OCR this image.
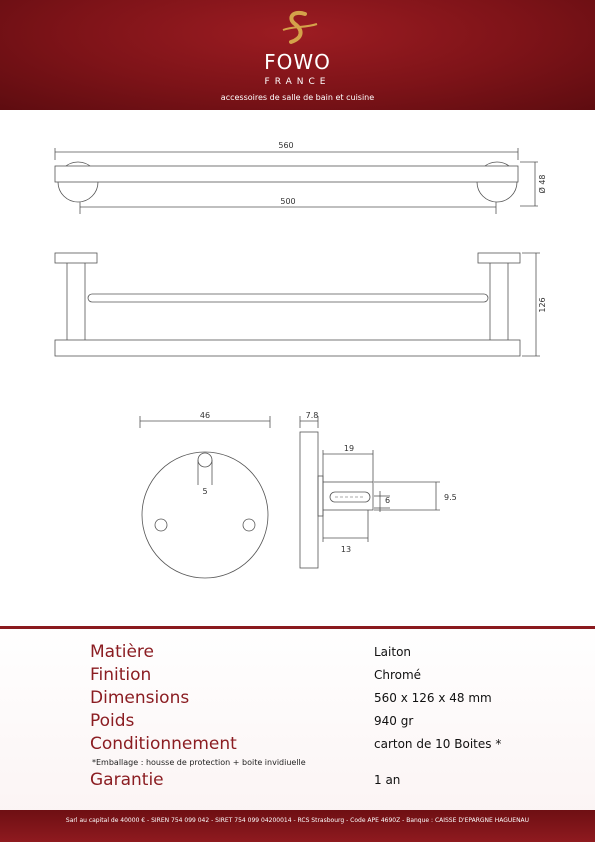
FOWO
FRANCE
accessoires de salle de bain et cuisine
560
500
Ø 48
126
46
5
7.8
19
6	9.5
13
Matière	Laiton
Finition	Chromé
Dimensions	560 x 126 x 48 mm
Poids	940 gr
Conditionnement	carton de 10 Boites *
*Emballage : housse de protection + boite invidiuelle
Garantie	1 an
Sarl au capital de 40000 € - SIREN 754 099 042 - SIRET 754 099 04200014 - RCS Strasbourg - Code APE 4690Z - Banque : CAISSE D'EPARGNE HAGUENAU
